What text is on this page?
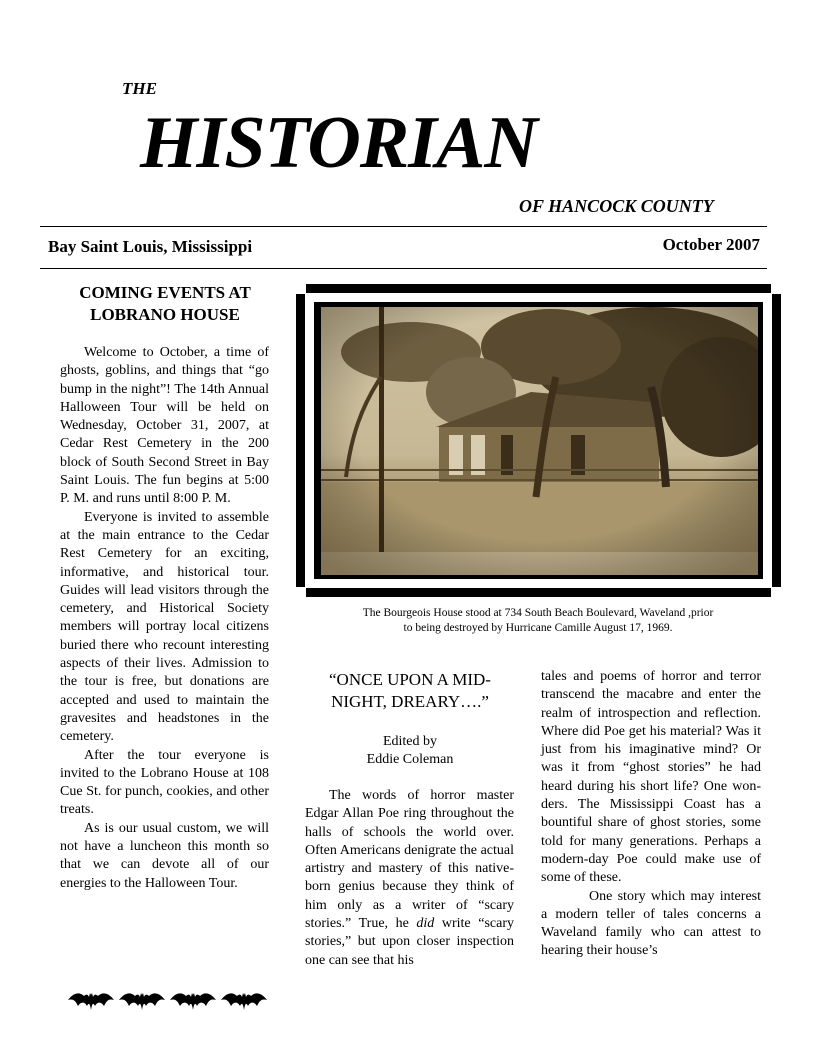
THE
HISTORIAN
OF HANCOCK COUNTY
Bay Saint Louis, Mississippi	October 2007
COMING EVENTS AT
LOBRANO HOUSE

Welcome to October, a time of ghosts, goblins, and things that “go bump in the night”! The 14th Annual Halloween Tour will be held on Wednesday, October 31, 2007, at Cedar Rest Cemetery in the 200 block of South Second Street in Bay Saint Louis. The fun begins at 5:00 P. M. and runs until 8:00 P. M.

Everyone is invited to assemble at the main entrance to the Cedar Rest Cemetery for an exciting, informative, and historical tour. Guides will lead visitors through the cemetery, and Historical Society members will portray local citizens buried there who recount interesting aspects of their lives. Admission to the tour is free, but donations are accepted and used to maintain the gravesites and headstones in the cemetery.

After the tour everyone is invited to the Lobrano House at 108 Cue St. for punch, cookies, and other treats.

As is our usual custom, we will not have a luncheon this month so that we can devote all of our energies to the Halloween Tour.

The Bourgeois House stood at 734 South Beach Boulevard, Waveland ,prior
to being destroyed by Hurricane Camille August 17, 1969.
“ONCE UPON A MID-
NIGHT, DREARY….”
Edited by
Eddie Coleman

The words of horror master Edgar Allan Poe ring throughout the halls of schools the world over. Often Americans denigrate the actual artistry and mastery of this native-born genius because they think of him only as a writer of “scary stories.” True, he did write “scary stories,” but upon closer inspection one can see that his

tales and poems of horror and terror transcend the macabre and enter the realm of introspection and reflection. Where did Poe get his material? Was it just from his imaginative mind? Or was it from “ghost stories” he had heard during his short life? One wonders. The Mississippi Coast has a bountiful share of ghost stories, some told for many generations. Perhaps a modern-day Poe could make use of some of these.

One story which may interest a modern teller of tales concerns a Waveland family who can attest to hearing their house’s
